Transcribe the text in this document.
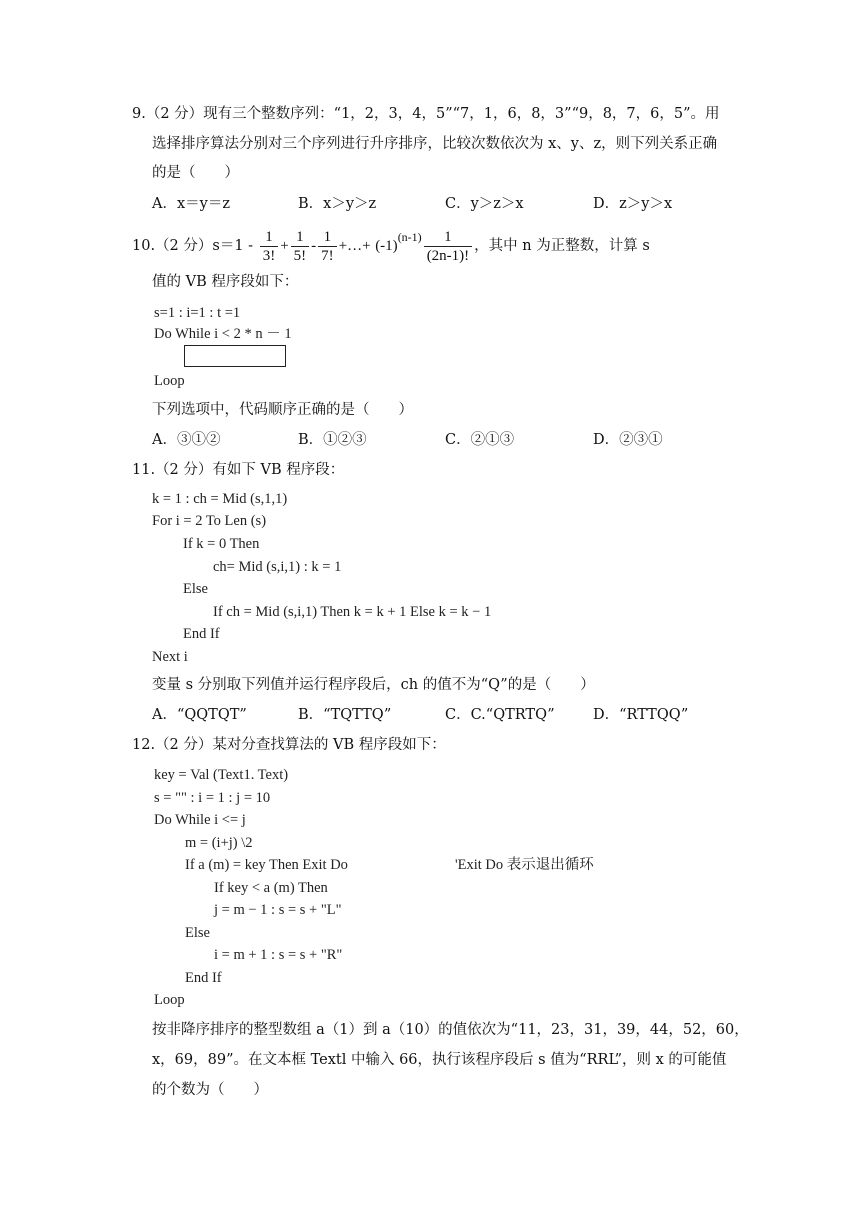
9.（2 分）现有三个整数序列：“1，2，3，4，5”“7，1，6，8，3”“9，8，7，6，5”。用
选择排序算法分别对三个序列进行升序排序，比较次数依次为 x、y、z，则下列关系正确
的是（　　）
A．x＝y＝z	B．x＞y＞z	C．y＞z＞x	D．z＞y＞x
10.（2 分）$s=1 - \frac{1}{3!} + \frac{1}{5!} - \frac{1}{7!}$ +…+ $(-1)^{(n-1)} \frac{1}{(2n-1)!}$ ，其中 n 为正整数，计算 s
值的 VB 程序段如下：
s=1 : i=1 : t =1
Do While i < 2 * n － 1
Loop
下列选项中，代码顺序正确的是（　　）
A．③①②	B．①②③	C．②①③	D．②③①
11.（2 分）有如下 VB 程序段：
k = 1 : ch = Mid (s,1,1)
For i = 2 To Len (s)
If k = 0 Then
ch= Mid (s,i,1) : k = 1
Else
If ch = Mid (s,i,1) Then k = k + 1 Else k = k − 1
End If
Next i
变量 s 分别取下列值并运行程序段后，ch 的值不为“Q”的是（　　）
A．“QQTQT”	B．“TQTTQ”	C．C.“QTRTQ”	D．“RTTQQ”
12.（2 分）某对分查找算法的 VB 程序段如下：
key = Val (Text1. Text)
s = "" : i = 1 : j = 10
Do While i <= j
m = (i+j) \2
If a (m) = key Then Exit Do	'Exit Do 表示退出循环
If key < a (m) Then
j = m − 1 : s = s + "L"
Else
i = m + 1 : s = s + "R"
End If
Loop
按非降序排序的整型数组 a（1）到 a（10）的值依次为“11，23，31，39，44，52，60，
x，69，89”。在文本框 Textl 中输入 66，执行该程序段后 s 值为“RRL”，则 x 的可能值
的个数为（　　）
